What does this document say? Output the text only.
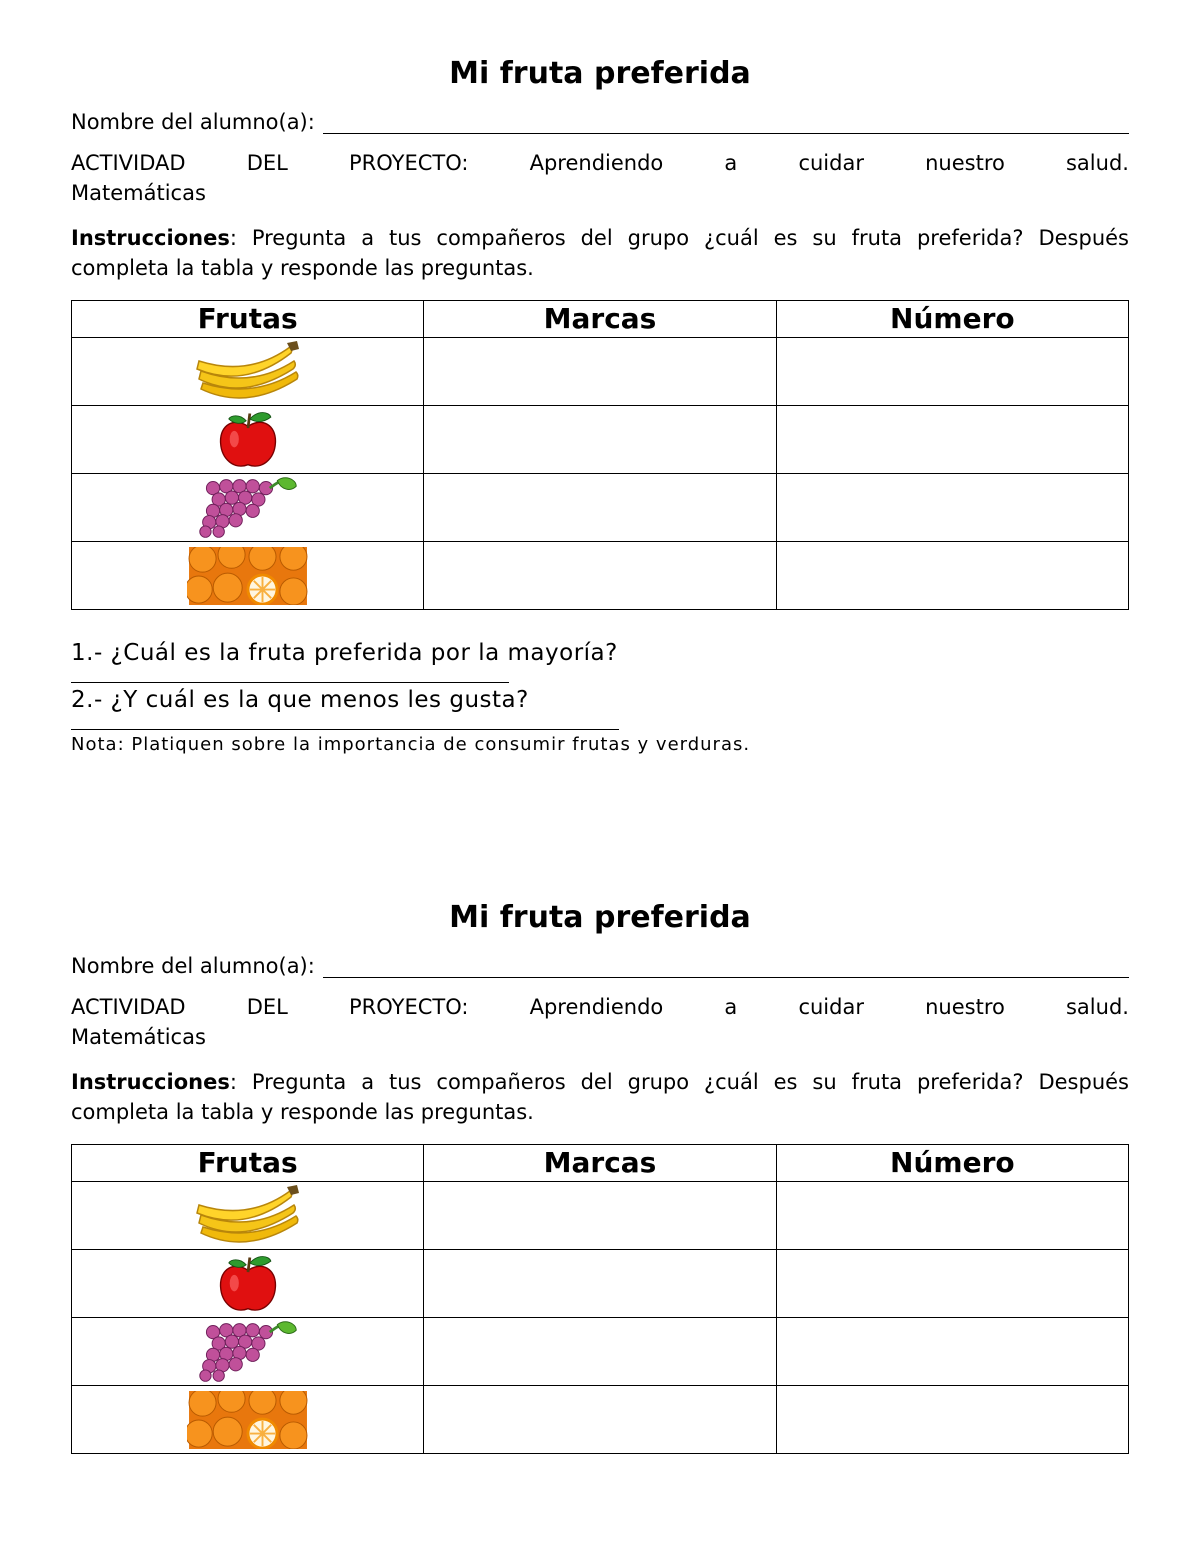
Mi fruta preferida
Nombre del alumno(a):
ACTIVIDAD	DEL	PROYECTO:	Aprendiendo	a	cuidar	nuestro	salud.
Matemáticas
Instrucciones: Pregunta a tus compañeros del grupo ¿cuál es su fruta preferida? Después completa la tabla y responde las preguntas.
Frutas	Marcas	Número

1.- ¿Cuál es la fruta preferida por la mayoría?
2.- ¿Y cuál es la que menos les gusta?
Nota: Platiquen sobre la importancia de consumir frutas y verduras.
Mi fruta preferida
Nombre del alumno(a):
ACTIVIDAD	DEL	PROYECTO:	Aprendiendo	a	cuidar	nuestro	salud.
Matemáticas
Instrucciones: Pregunta a tus compañeros del grupo ¿cuál es su fruta preferida? Después completa la tabla y responde las preguntas.
Frutas	Marcas	Número
